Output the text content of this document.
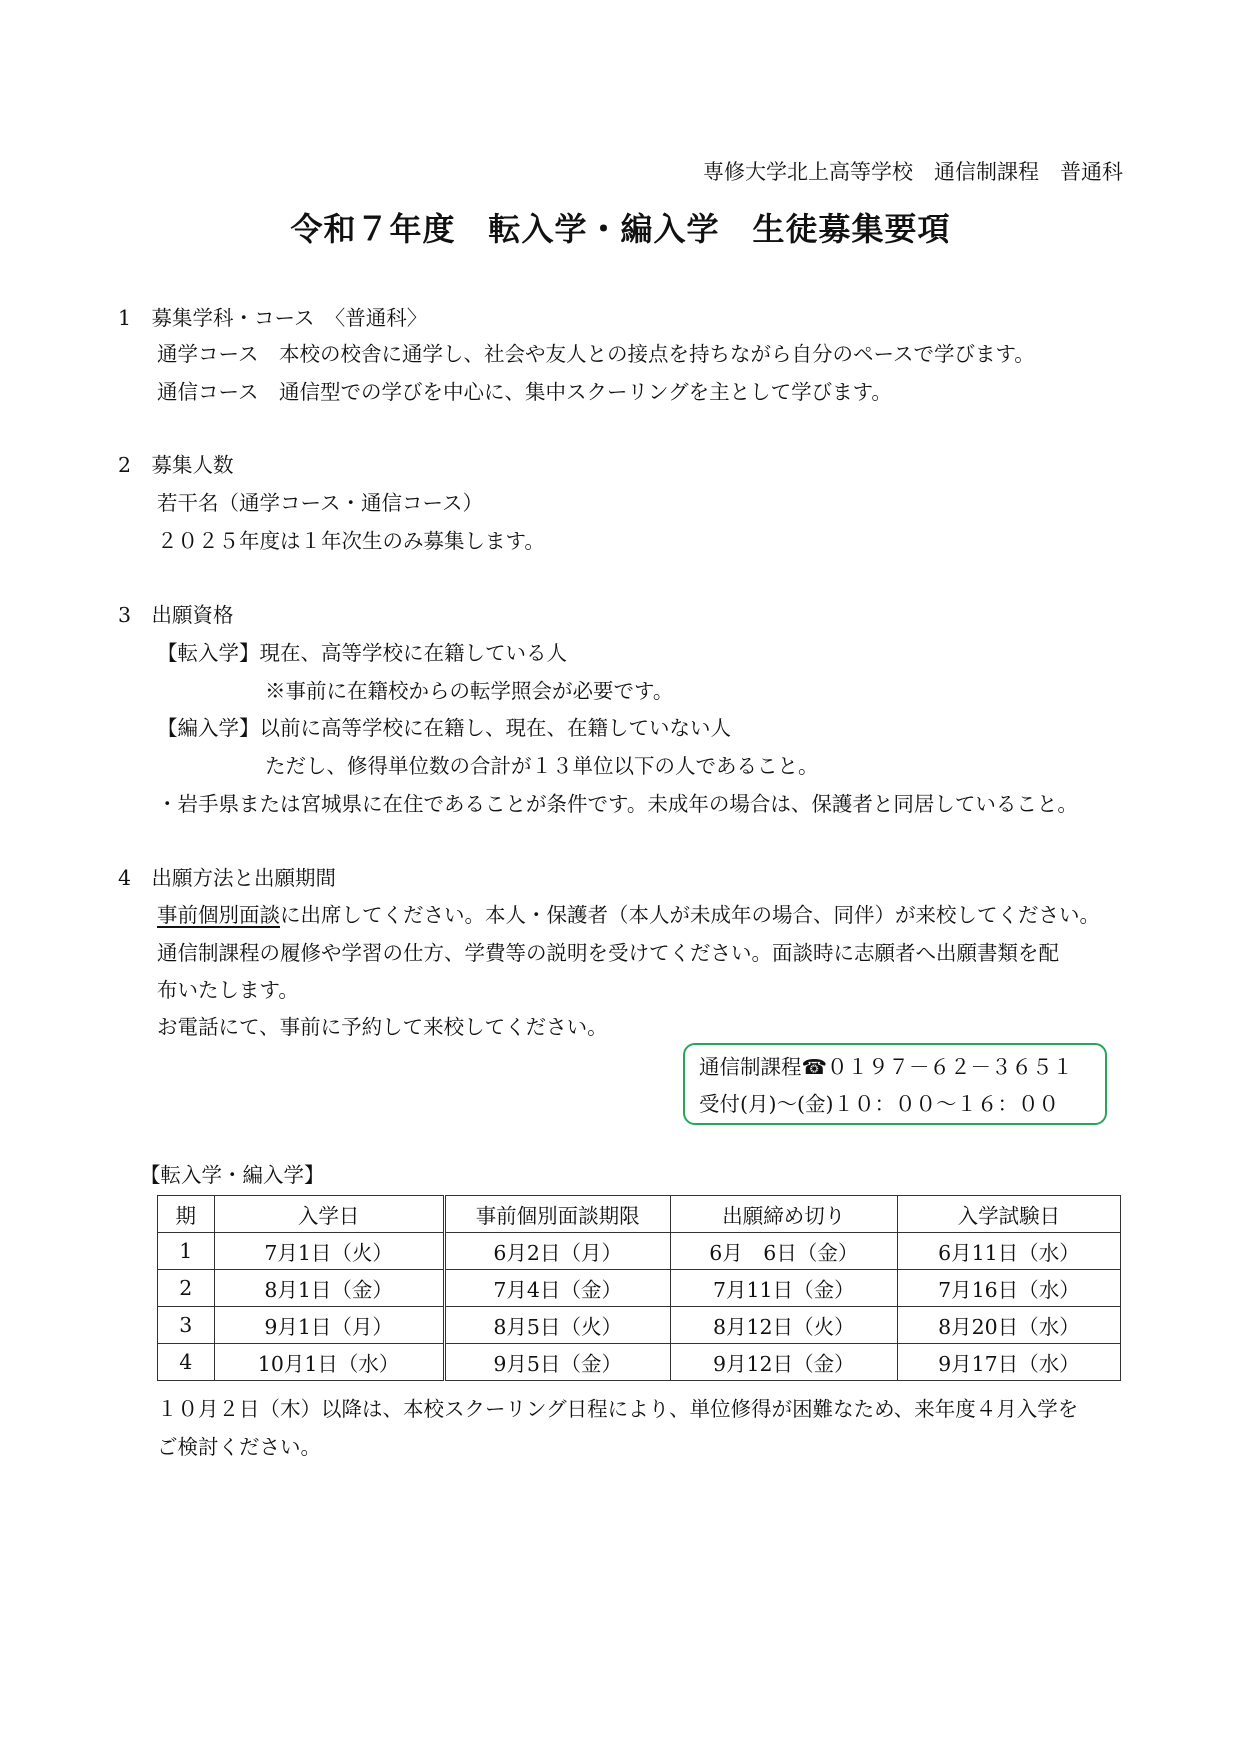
専修大学北上高等学校　通信制課程　普通科
令和７年度　転入学・編入学　生徒募集要項
1　募集学科・コース　〈普通科〉
通学コース　本校の校舎に通学し、社会や友人との接点を持ちながら自分のペースで学びます。
通信コース　通信型での学びを中心に、集中スクーリングを主として学びます。
2　募集人数
若干名（通学コース・通信コース）
２０２５年度は１年次生のみ募集します。
3　出願資格
【転入学】現在、高等学校に在籍している人
※事前に在籍校からの転学照会が必要です。
【編入学】以前に高等学校に在籍し、現在、在籍していない人
ただし、修得単位数の合計が１３単位以下の人であること。
・岩手県または宮城県に在住であることが条件です。未成年の場合は、保護者と同居していること。
4　出願方法と出願期間
事前個別面談に出席してください。本人・保護者（本人が未成年の場合、同伴）が来校してください。
通信制課程の履修や学習の仕方、学費等の説明を受けてください。面談時に志願者へ出願書類を配
布いたします。
お電話にて、事前に予約して来校してください。
通信制課程☎０１９７－６２－３６５１
受付(月)～(金)１０：００～１６：００
【転入学・編入学】
期	入学日	事前個別面談期限	出願締め切り	入学試験日
1	7月1日（火）	6月2日（月）	6月　6日（金）	6月11日（水）
2	8月1日（金）	7月4日（金）	7月11日（金）	7月16日（水）
3	9月1日（月）	8月5日（火）	8月12日（火）	8月20日（水）
4	10月1日（水）	9月5日（金）	9月12日（金）	9月17日（水）
１０月２日（木）以降は、本校スクーリング日程により、単位修得が困難なため、来年度４月入学を
ご検討ください。
